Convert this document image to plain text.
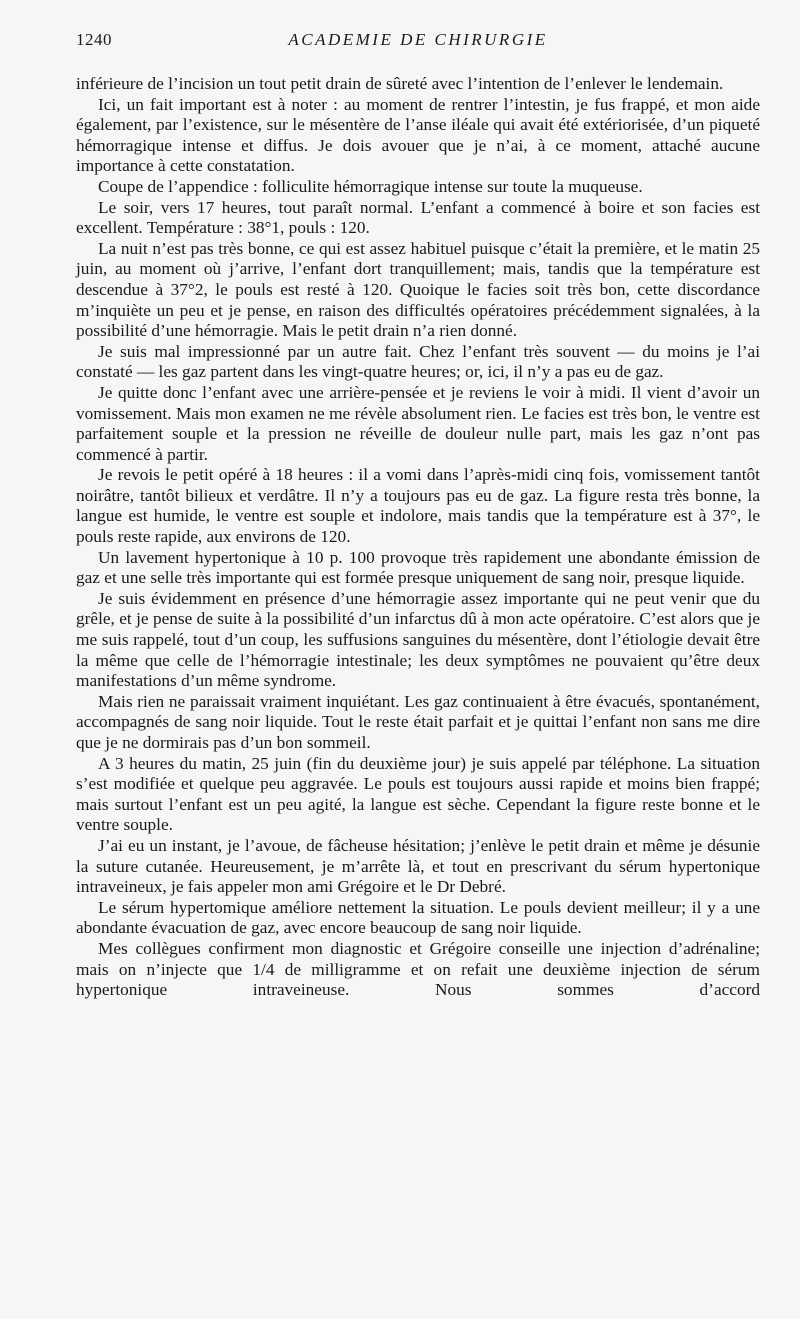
1240	ACADEMIE DE CHIRURGIE

inférieure de l’incision un tout petit drain de sûreté avec l’intention de l’enlever le lendemain.

Ici, un fait important est à noter : au moment de rentrer l’intestin, je fus frappé, et mon aide également, par l’existence, sur le mésentère de l’anse iléale qui avait été extériorisée, d’un piqueté hémorragique intense et diffus. Je dois avouer que je n’ai, à ce moment, attaché aucune importance à cette constatation.

Coupe de l’appendice : folliculite hémorragique intense sur toute la muqueuse.

Le soir, vers 17 heures, tout paraît normal. L’enfant a commencé à boire et son facies est excellent. Température : 38°1, pouls : 120.

La nuit n’est pas très bonne, ce qui est assez habituel puisque c’était la première, et le matin 25 juin, au moment où j’arrive, l’enfant dort tranquillement; mais, tandis que la température est descendue à 37°2, le pouls est resté à 120. Quoique le facies soit très bon, cette discordance m’inquiète un peu et je pense, en raison des difficultés opératoires précédemment signalées, à la possibilité d’une hémorragie. Mais le petit drain n’a rien donné.

Je suis mal impressionné par un autre fait. Chez l’enfant très souvent — du moins je l’ai constaté — les gaz partent dans les vingt-quatre heures; or, ici, il n’y a pas eu de gaz.

Je quitte donc l’enfant avec une arrière-pensée et je reviens le voir à midi. Il vient d’avoir un vomissement. Mais mon examen ne me révèle absolument rien. Le facies est très bon, le ventre est parfaitement souple et la pression ne réveille de douleur nulle part, mais les gaz n’ont pas commencé à partir.

Je revois le petit opéré à 18 heures : il a vomi dans l’après-midi cinq fois, vomissement tantôt noirâtre, tantôt bilieux et verdâtre. Il n’y a toujours pas eu de gaz. La figure resta très bonne, la langue est humide, le ventre est souple et indolore, mais tandis que la température est à 37°, le pouls reste rapide, aux environs de 120.

Un lavement hypertonique à 10 p. 100 provoque très rapidement une abondante émission de gaz et une selle très importante qui est formée presque uniquement de sang noir, presque liquide.

Je suis évidemment en présence d’une hémorragie assez importante qui ne peut venir que du grêle, et je pense de suite à la possibilité d’un infarctus dû à mon acte opératoire. C’est alors que je me suis rappelé, tout d’un coup, les suffusions sanguines du mésentère, dont l’étiologie devait être la même que celle de l’hémorragie intestinale; les deux symptômes ne pouvaient qu’être deux manifestations d’un même syndrome.

Mais rien ne paraissait vraiment inquiétant. Les gaz continuaient à être évacués, spontanément, accompagnés de sang noir liquide. Tout le reste était parfait et je quittai l’enfant non sans me dire que je ne dormirais pas d’un bon sommeil.

A 3 heures du matin, 25 juin (fin du deuxième jour) je suis appelé par téléphone. La situation s’est modifiée et quelque peu aggravée. Le pouls est toujours aussi rapide et moins bien frappé; mais surtout l’enfant est un peu agité, la langue est sèche. Cependant la figure reste bonne et le ventre souple.

J’ai eu un instant, je l’avoue, de fâcheuse hésitation; j’enlève le petit drain et même je désunie la suture cutanée. Heureusement, je m’arrête là, et tout en prescrivant du sérum hypertonique intraveineux, je fais appeler mon ami Grégoire et le Dr Debré.

Le sérum hypertomique améliore nettement la situation. Le pouls devient meilleur; il y a une abondante évacuation de gaz, avec encore beaucoup de sang noir liquide.

Mes collègues confirment mon diagnostic et Grégoire conseille une injection d’adrénaline; mais on n’injecte que 1/4 de milligramme et on refait une deuxième injection de sérum hypertonique intraveineuse. Nous sommes d’accord
